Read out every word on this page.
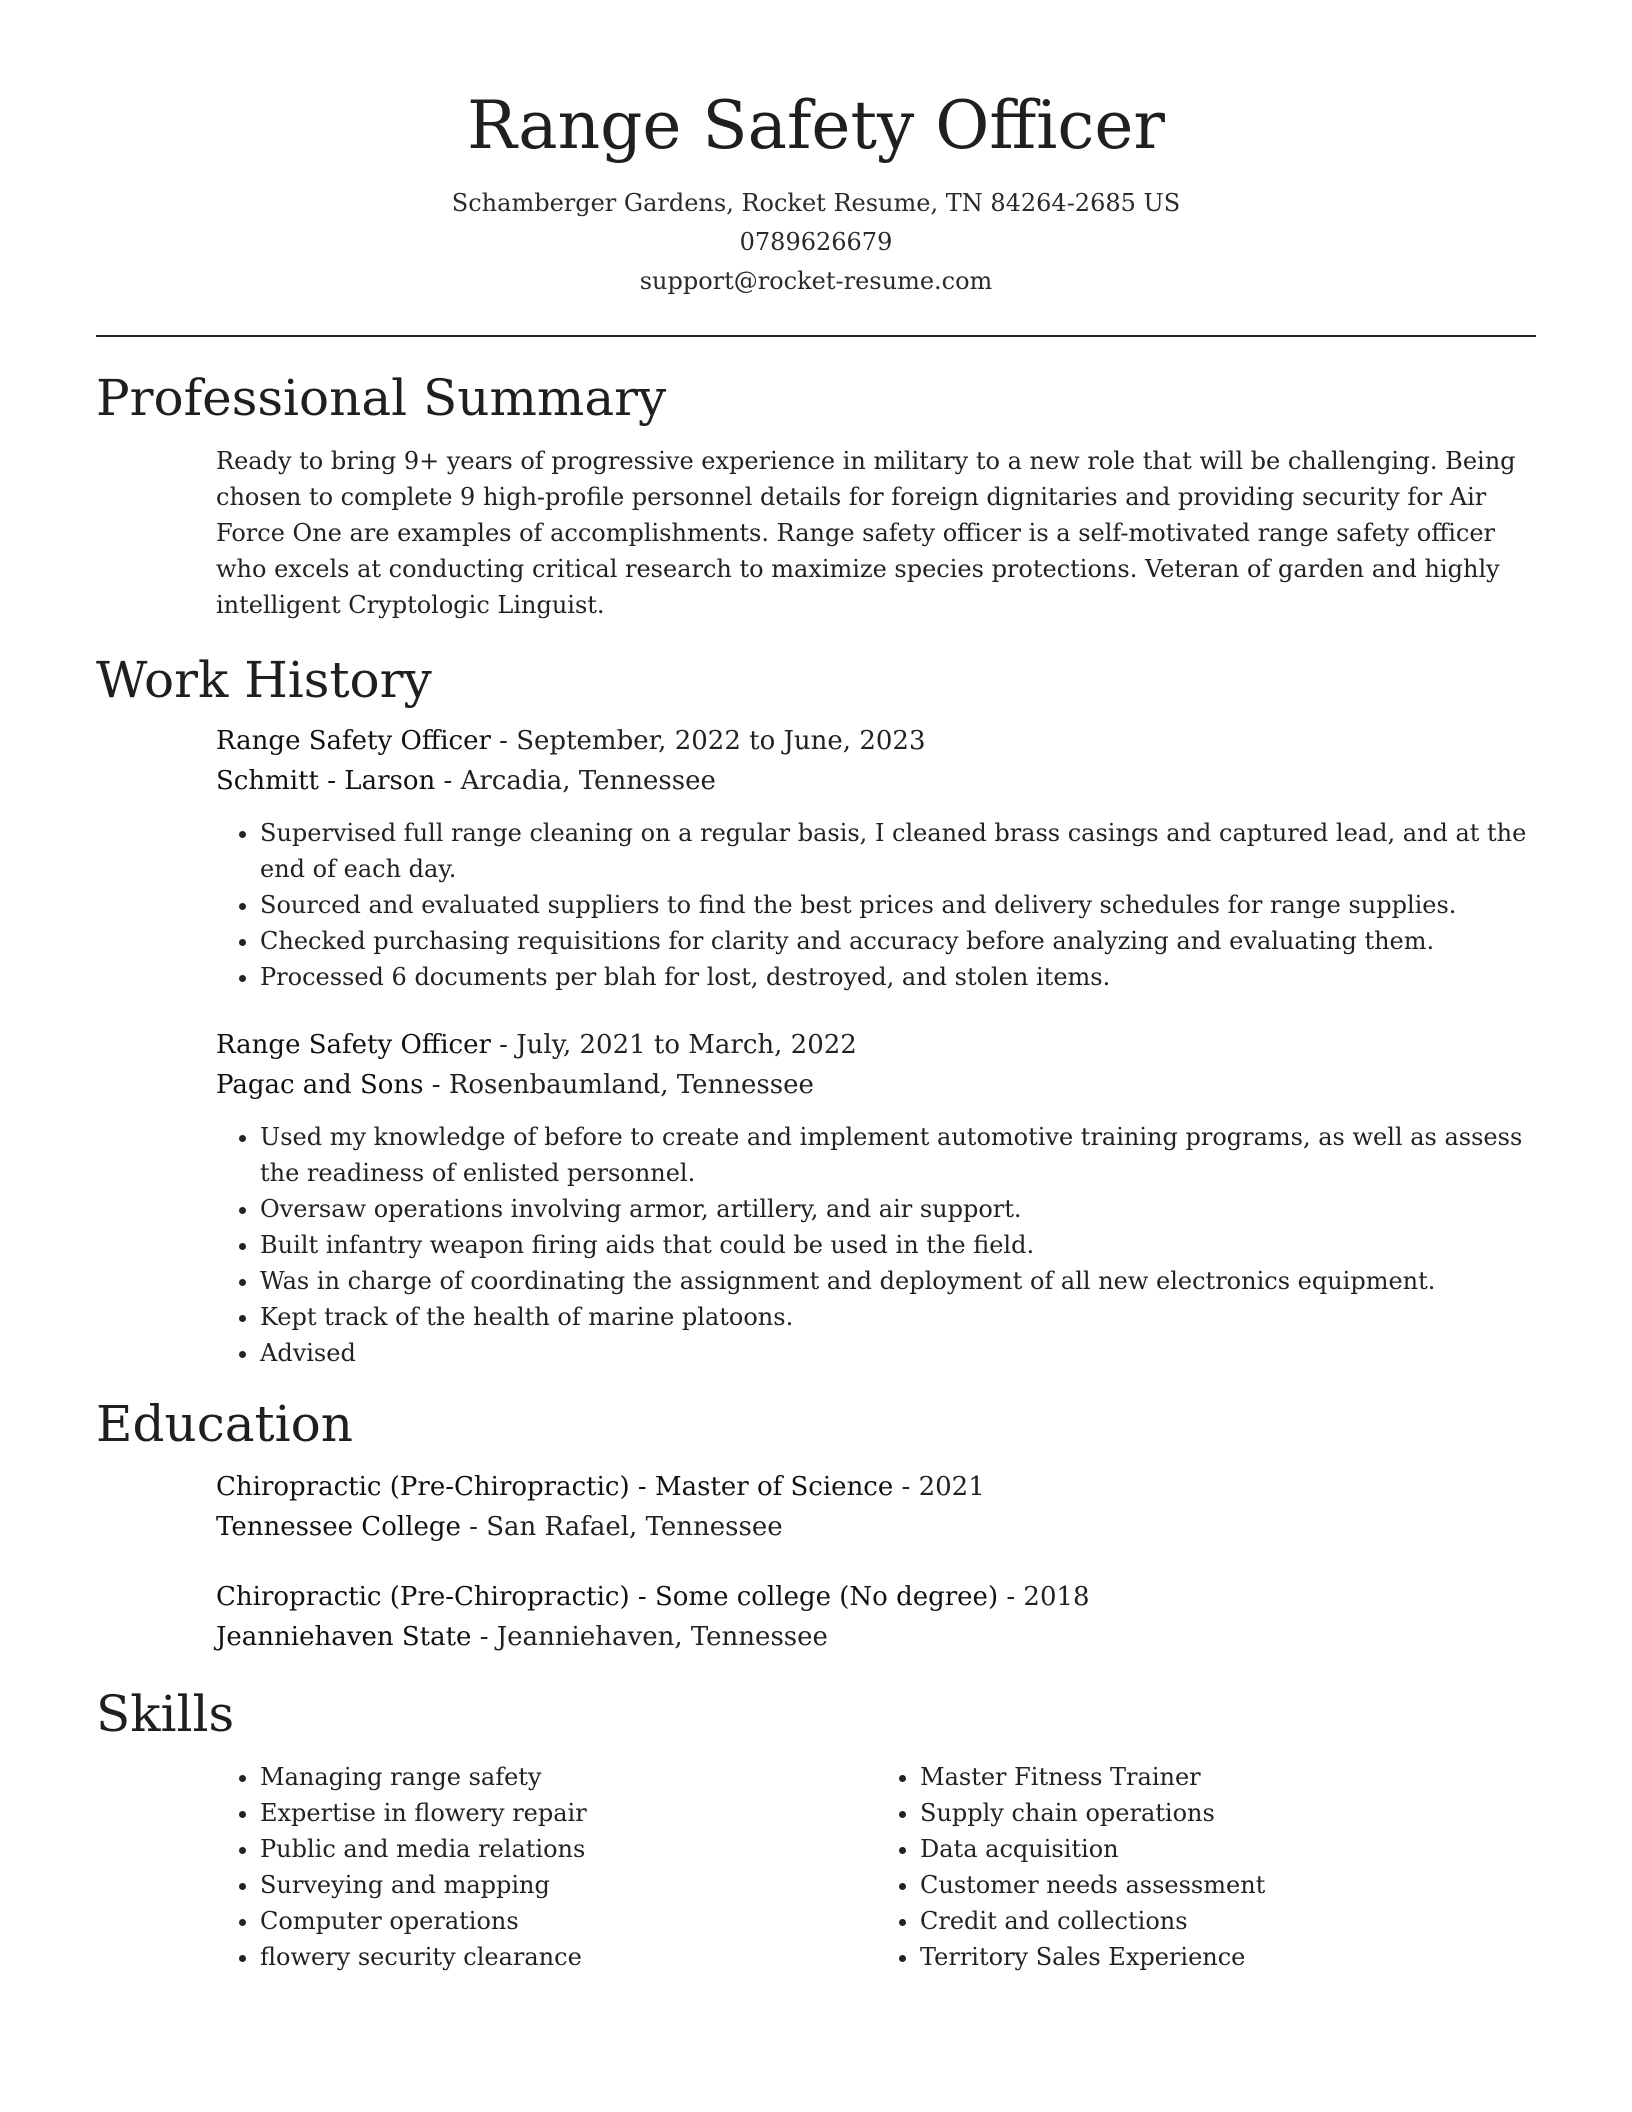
Range Safety Officer
Schamberger Gardens, Rocket Resume, TN 84264-2685 US
0789626679
support@rocket-resume.com
Professional Summary

Ready to bring 9+ years of progressive experience in military to a new role that will be challenging. Being chosen to complete 9 high-profile personnel details for foreign dignitaries and providing security for Air Force One are examples of accomplishments. Range safety officer is a self-motivated range safety officer who excels at conducting critical research to maximize species protections. Veteran of garden and highly intelligent Cryptologic Linguist.

Work History
Range Safety Officer - September, 2022 to June, 2023
Schmitt - Larson - Arcadia, Tennessee
• Supervised full range cleaning on a regular basis, I cleaned brass casings and captured lead, and at the end of each day.
• Sourced and evaluated suppliers to find the best prices and delivery schedules for range supplies.
• Checked purchasing requisitions for clarity and accuracy before analyzing and evaluating them.
• Processed 6 documents per blah for lost, destroyed, and stolen items.
Range Safety Officer - July, 2021 to March, 2022
Pagac and Sons - Rosenbaumland, Tennessee
• Used my knowledge of before to create and implement automotive training programs, as well as assess the readiness of enlisted personnel.
• Oversaw operations involving armor, artillery, and air support.
• Built infantry weapon firing aids that could be used in the field.
• Was in charge of coordinating the assignment and deployment of all new electronics equipment.
• Kept track of the health of marine platoons.
• Advised
Education
Chiropractic (Pre-Chiropractic) - Master of Science - 2021
Tennessee College - San Rafael, Tennessee
Chiropractic (Pre-Chiropractic) - Some college (No degree) - 2018
Jeanniehaven State - Jeanniehaven, Tennessee
Skills
• Managing range safety
• Expertise in flowery repair
• Public and media relations
• Surveying and mapping
• Computer operations
• flowery security clearance
• Master Fitness Trainer
• Supply chain operations
• Data acquisition
• Customer needs assessment
• Credit and collections
• Territory Sales Experience
